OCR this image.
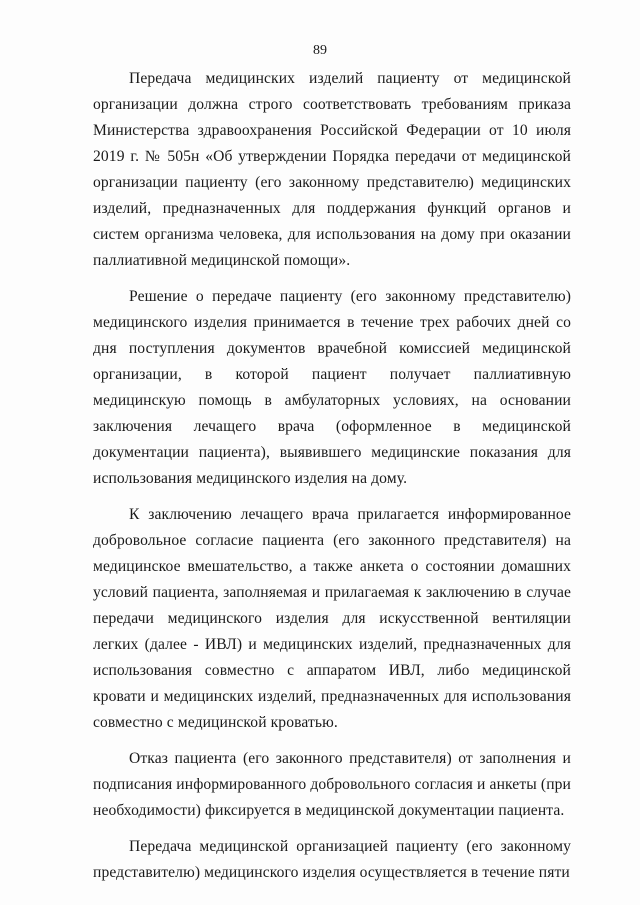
89

Передача медицинских изделий пациенту от медицинской организации должна строго соответствовать требованиям приказа Министерства здравоохранения Российской Федерации от 10 июля 2019 г. № 505н «Об утверждении Порядка передачи от медицинской организации пациенту (его законному представителю) медицинских изделий, предназначенных для поддержания функций органов и систем организма человека, для использования на дому при оказании паллиативной медицинской помощи».

Решение о передаче пациенту (его законному представителю) медицинского изделия принимается в течение трех рабочих дней со дня поступления документов врачебной комиссией медицинской организации, в которой пациент получает паллиативную медицинскую помощь в амбулаторных условиях, на основании заключения лечащего врача (оформленное в медицинской документации пациента), выявившего медицинские показания для использования медицинского изделия на дому.

К заключению лечащего врача прилагается информированное добровольное согласие пациента (его законного представителя) на медицинское вмешательство, а также анкета о состоянии домашних условий пациента, заполняемая и прилагаемая к заключению в случае передачи медицинского изделия для искусственной вентиляции легких (далее - ИВЛ) и медицинских изделий, предназначенных для использования совместно с аппаратом ИВЛ, либо медицинской кровати и медицинских изделий, предназначенных для использования совместно с медицинской кроватью.

Отказ пациента (его законного представителя) от заполнения и подписания информированного добровольного согласия и анкеты (при необходимости) фиксируется в медицинской документации пациента.

Передача медицинской организацией пациенту (его законному представителю) медицинского изделия осуществляется в течение пяти
